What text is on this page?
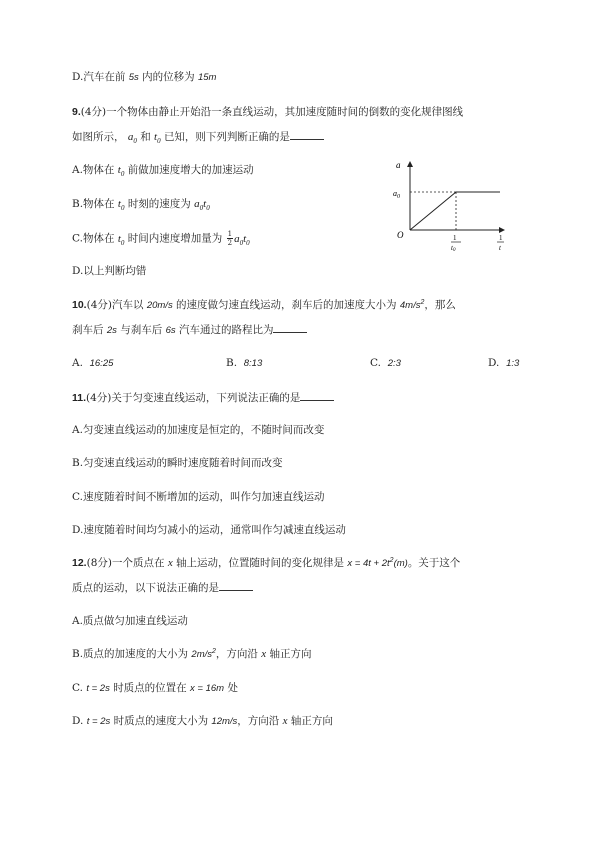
D.汽车在前 5s 内的位移为 15m
9.(4分)一个物体由静止开始沿一条直线运动，其加速度随时间的倒数的变化规律图线
如图所示， $a_0$ 和 $t_0$ 已知，则下列判断正确的是
A.物体在 $t_0$ 前做加速度增大的加速运动
B.物体在 $t_0$ 时刻的速度为 $a_0t_0$
C.物体在 $t_0$ 时间内速度增加量为 $\frac{1}{2} a_0t_0$
D.以上判断均错
a
$a_0$
O	1
t0
1
t
10.(4分)汽车以 20m/s 的速度做匀速直线运动，刹车后的加速度大小为 $4m/s^2$，那么
刹车后 2s 与刹车后 6s 汽车通过的路程比为
A. 16:25	B. 8:13	C. 2:3	D. 1:3
11.(4分)关于匀变速直线运动，下列说法正确的是
A.匀变速直线运动的加速度是恒定的，不随时间而改变
B.匀变速直线运动的瞬时速度随着时间而改变
C.速度随着时间不断增加的运动，叫作匀加速直线运动
D.速度随着时间均匀减小的运动，通常叫作匀减速直线运动
12.(8分)一个质点在 x 轴上运动，位置随时间的变化规律是 $x = 4t + 2t^2(m)$。关于这个
质点的运动，以下说法正确的是
A.质点做匀加速直线运动
B.质点的加速度的大小为 $2m/s^2$，方向沿 x 轴正方向
C. t = 2s 时质点的位置在 x = 16m 处
D. t = 2s 时质点的速度大小为 12m/s，方向沿 x 轴正方向
